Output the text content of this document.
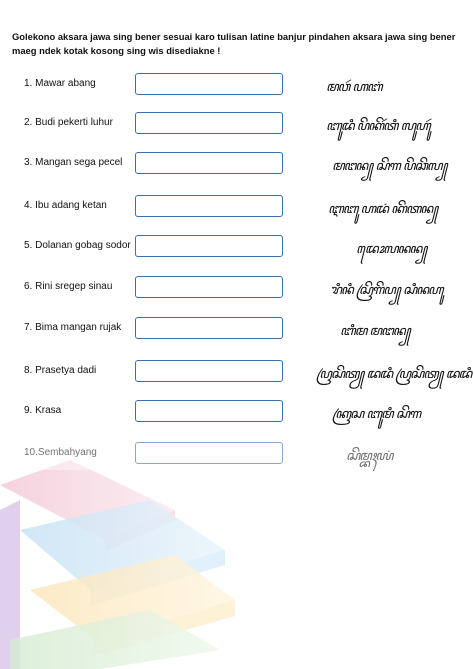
Golekono aksara jawa sing bener sesuai karo tulisan latine banjur pindahen aksara jawa sing bener maeg ndek kotak kosong sing wis disediakne !
1. Mawar abang	ꦩꦮꦂ ꦲꦧꦁ
2. Budi pekerti luhur	ꦧꦸꦢꦶ ꦥꦼꦏꦼꦂꦠꦶ ꦭꦸꦲꦸꦂ
3. Mangan sega pecel	ꦩꦔꦤ꧀ ꦱꦼꦒ ꦥꦼꦕꦼꦭ꧀
4. Ibu adang ketan	ꦆꦧꦸ ꦲꦢꦁ ꦏꦼꦠꦤ꧀
5. Dolanan gobag sodor	ꦢꦺꦴꦭꦤꦤ꧀
6. Rini sregep sinau	ꦫꦶꦤꦶ ꦱꦿꦼꦒꦼꦥ꧀ ꦱꦶꦤꦲꦸ
7. Bima mangan rujak	ꦧꦶꦩ ꦩꦔꦤ꧀
8. Prasetya dadi	ꦥꦿꦱꦼꦠꦾ ꦢꦢꦶ ꦥꦿꦱꦼꦠꦾ ꦢꦢꦶ
9. Krasa	ꦏꦿꦱ ꦧꦸꦩꦶ ꦱꦼꦒ
10.Sembahyang	ꦱꦼꦩ꧀ꦧꦃꦪꦁ
